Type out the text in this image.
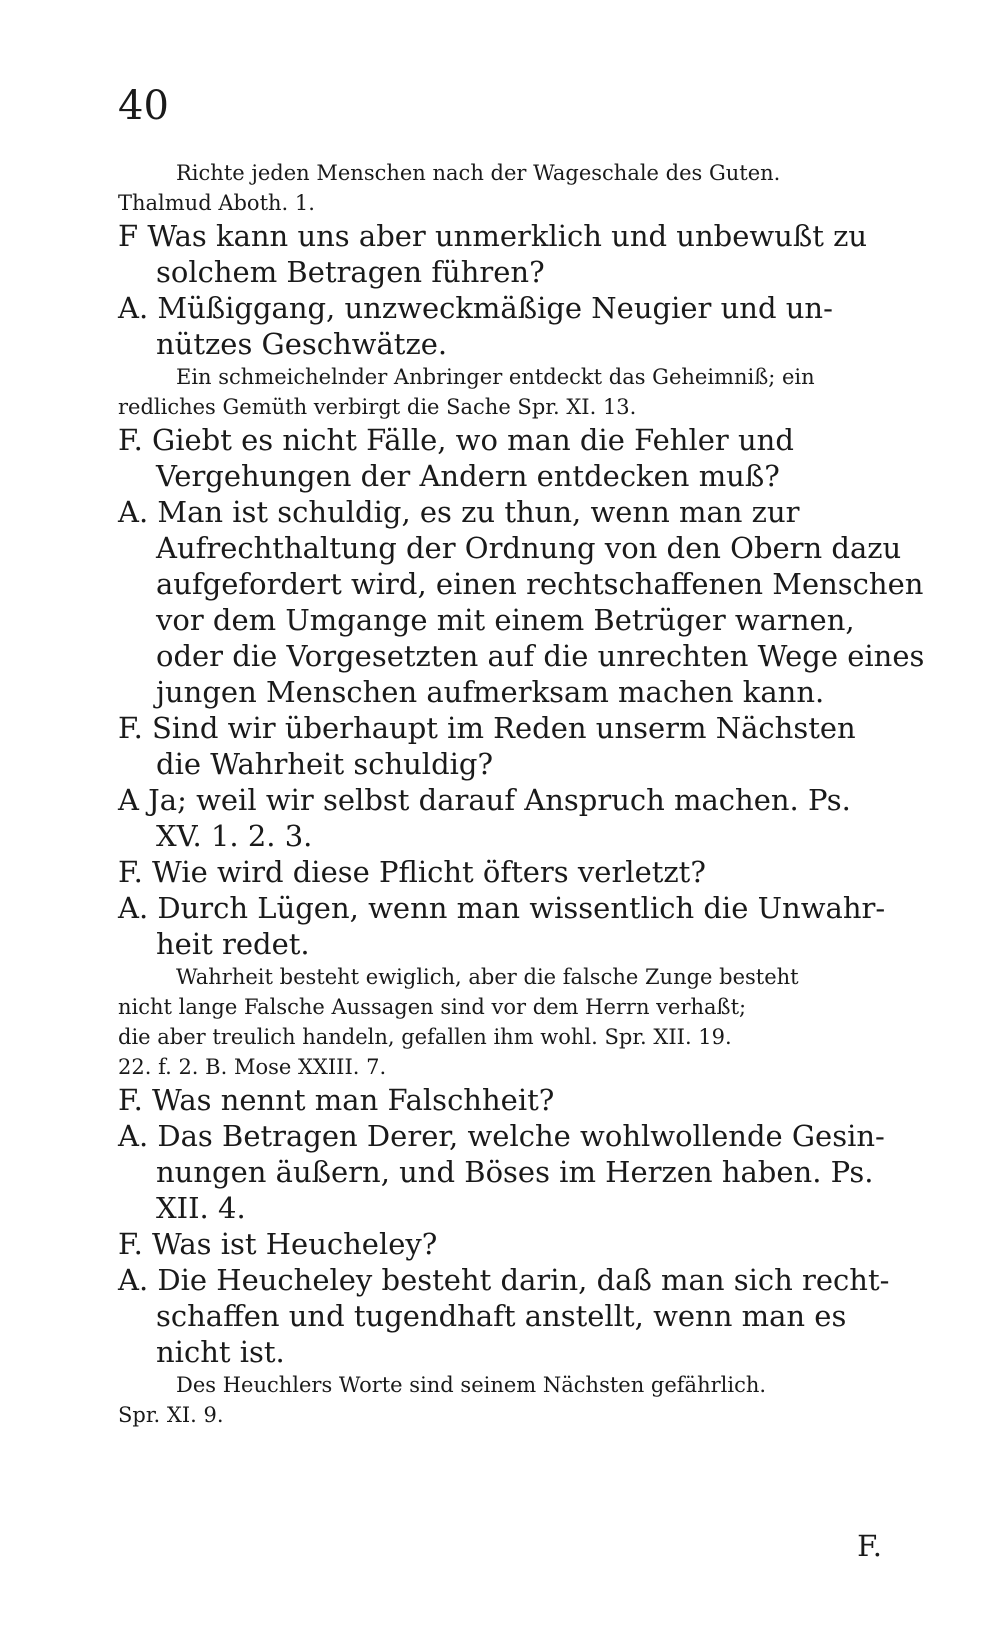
40
Richte jeden Menschen nach der Wageschale des Guten.
Thalmud Aboth. 1.
F Was kann uns aber unmerklich und unbewußt zu
solchem Betragen führen?
A. Müßiggang, unzweckmäßige Neugier und un-
nützes Geschwätze.
Ein schmeichelnder Anbringer entdeckt das Geheimniß; ein
redliches Gemüth verbirgt die Sache Spr. XI. 13.
F. Giebt es nicht Fälle, wo man die Fehler und
Vergehungen der Andern entdecken muß?
A. Man ist schuldig, es zu thun, wenn man zur
Aufrechthaltung der Ordnung von den Obern dazu
aufgefordert wird, einen rechtschaffenen Menschen
vor dem Umgange mit einem Betrüger warnen,
oder die Vorgesetzten auf die unrechten Wege eines
jungen Menschen aufmerksam machen kann.
F. Sind wir überhaupt im Reden unserm Nächsten
die Wahrheit schuldig?
A Ja; weil wir selbst darauf Anspruch machen. Ps.
XV. 1. 2. 3.
F. Wie wird diese Pflicht öfters verletzt?
A. Durch Lügen, wenn man wissentlich die Unwahr-
heit redet.
Wahrheit besteht ewiglich, aber die falsche Zunge besteht
nicht lange Falsche Aussagen sind vor dem Herrn verhaßt;
die aber treulich handeln, gefallen ihm wohl. Spr. XII. 19.
22. f. 2. B. Mose XXIII. 7.
F. Was nennt man Falschheit?
A. Das Betragen Derer, welche wohlwollende Gesin-
nungen äußern, und Böses im Herzen haben. Ps.
XII. 4.
F. Was ist Heucheley?
A. Die Heucheley besteht darin, daß man sich recht-
schaffen und tugendhaft anstellt, wenn man es
nicht ist.
Des Heuchlers Worte sind seinem Nächsten gefährlich.
Spr. XI. 9.
F.
